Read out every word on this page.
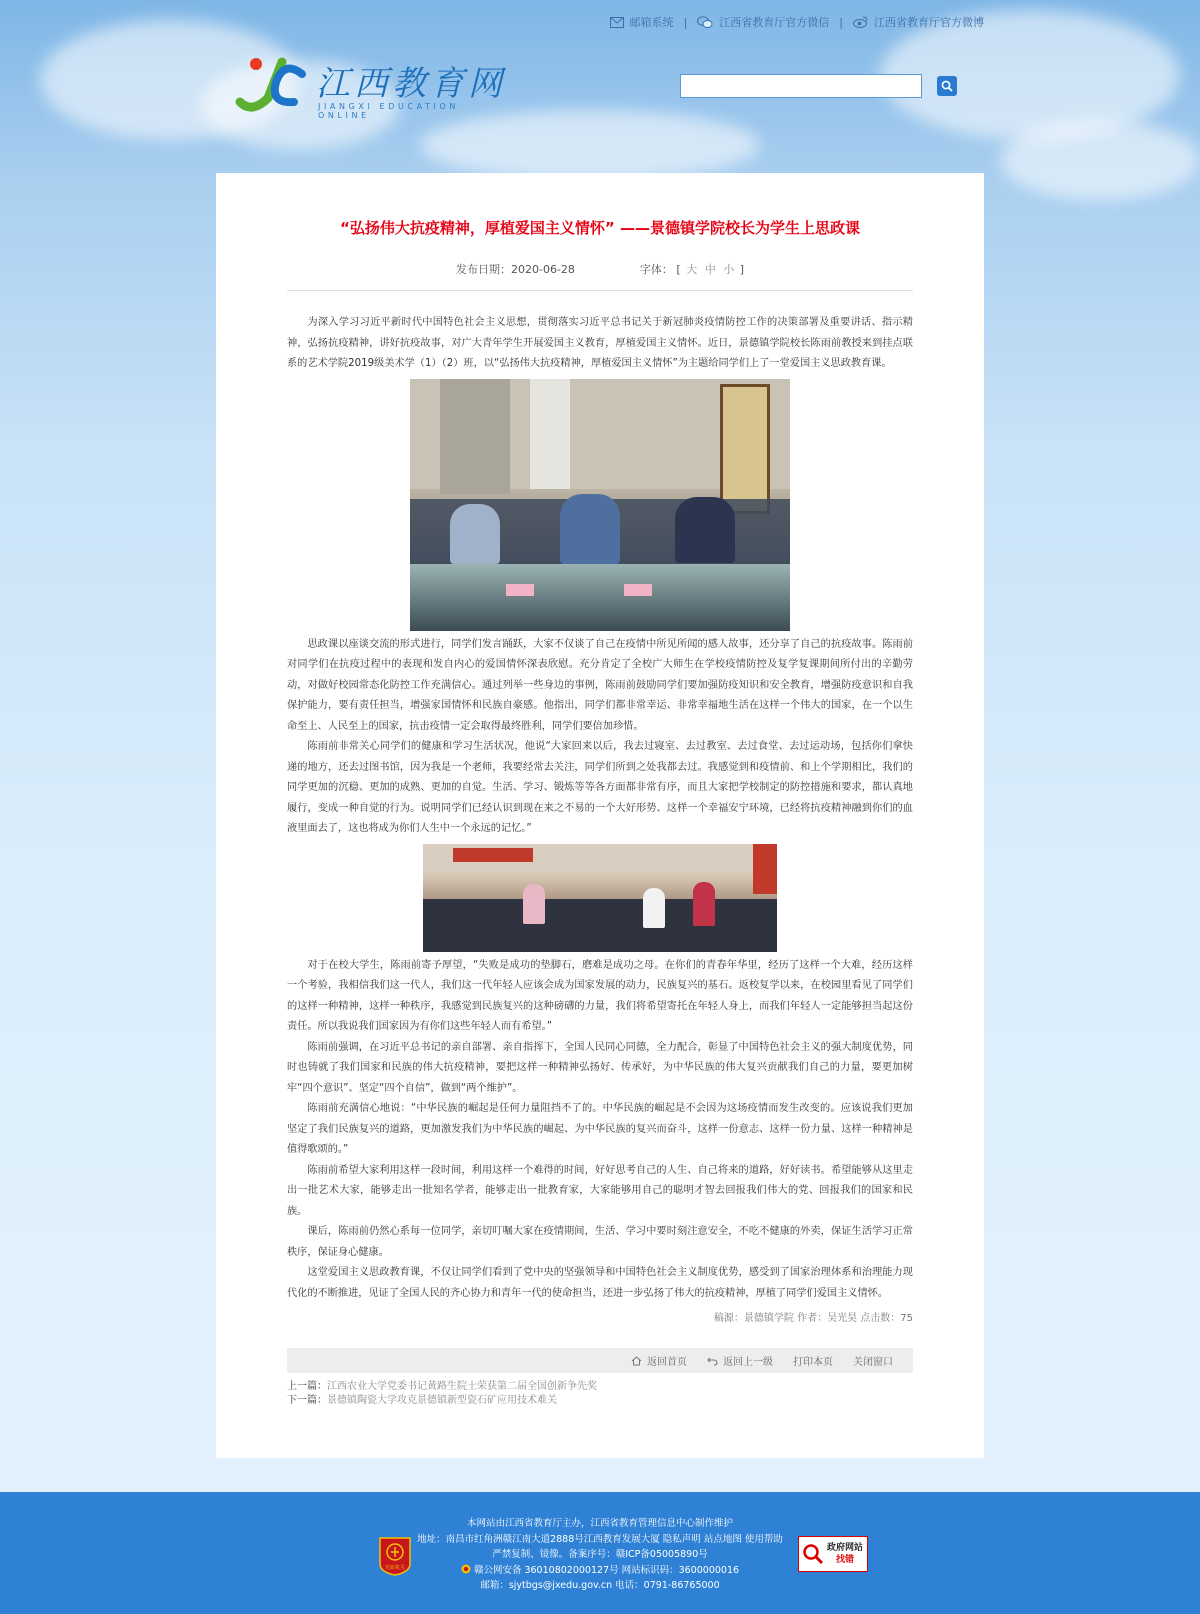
邮箱系统 |	江西省教育厅官方微信 |	江西省教育厅官方微博
江西教育网
JIANGXI EDUCATION ONLINE
“弘扬伟大抗疫精神，厚植爱国主义情怀” ——景德镇学院校长为学生上思政课
发布日期：2020-06-28	字体： [ 大 中 小 ]

为深入学习习近平新时代中国特色社会主义思想，贯彻落实习近平总书记关于新冠肺炎疫情防控工作的决策部署及重要讲话、指示精神，弘扬抗疫精神，讲好抗疫故事，对广大青年学生开展爱国主义教育，厚植爱国主义情怀。近日，景德镇学院校长陈雨前教授来到挂点联系的艺术学院2019级美术学（1）（2）班，以“弘扬伟大抗疫精神，厚植爱国主义情怀”为主题给同学们上了一堂爱国主义思政教育课。

思政课以座谈交流的形式进行，同学们发言踊跃，大家不仅谈了自己在疫情中所见所闻的感人故事，还分享了自己的抗疫故事。陈雨前对同学们在抗疫过程中的表现和发自内心的爱国情怀深表欣慰。充分肯定了全校广大师生在学校疫情防控及复学复课期间所付出的辛勤劳动，对做好校园常态化防控工作充满信心。通过列举一些身边的事例，陈雨前鼓励同学们要加强防疫知识和安全教育，增强防疫意识和自我保护能力，要有责任担当，增强家国情怀和民族自豪感。他指出，同学们都非常幸运、非常幸福地生活在这样一个伟大的国家，在一个以生命至上、人民至上的国家，抗击疫情一定会取得最终胜利，同学们要倍加珍惜。

陈雨前非常关心同学们的健康和学习生活状况，他说“大家回来以后，我去过寝室、去过教室、去过食堂、去过运动场，包括你们拿快递的地方，还去过图书馆，因为我是一个老师，我要经常去关注，同学们所到之处我都去过。我感觉到和疫情前、和上个学期相比，我们的同学更加的沉稳、更加的成熟、更加的自觉。生活、学习、锻炼等等各方面都非常有序，而且大家把学校制定的防控措施和要求，都认真地履行，变成一种自觉的行为。说明同学们已经认识到现在来之不易的一个大好形势、这样一个幸福安宁环境，已经将抗疫精神融到你们的血液里面去了，这也将成为你们人生中一个永远的记忆。”

对于在校大学生，陈雨前寄予厚望，“失败是成功的垫脚石，磨难是成功之母。在你们的青春年华里，经历了这样一个大难，经历这样一个考验，我相信我们这一代人，我们这一代年轻人应该会成为国家发展的动力，民族复兴的基石。返校复学以来，在校园里看见了同学们的这样一种精神，这样一种秩序，我感觉到民族复兴的这种磅礴的力量，我们将希望寄托在年轻人身上，而我们年轻人一定能够担当起这份责任。所以我说我们国家因为有你们这些年轻人而有希望。”

陈雨前强调，在习近平总书记的亲自部署、亲自指挥下，全国人民同心同德，全力配合，彰显了中国特色社会主义的强大制度优势，同时也铸就了我们国家和民族的伟大抗疫精神，要把这样一种精神弘扬好、传承好，为中华民族的伟大复兴贡献我们自己的力量，要更加树牢“四个意识”、坚定“四个自信”，做到“两个维护”。

陈雨前充满信心地说：“中华民族的崛起是任何力量阻挡不了的。中华民族的崛起是不会因为这场疫情而发生改变的。应该说我们更加坚定了我们民族复兴的道路，更加激发我们为中华民族的崛起、为中华民族的复兴而奋斗，这样一份意志、这样一份力量、这样一种精神是值得歌颂的。”

陈雨前希望大家利用这样一段时间，利用这样一个难得的时间，好好思考自己的人生、自己将来的道路，好好读书。希望能够从这里走出一批艺术大家，能够走出一批知名学者，能够走出一批教育家，大家能够用自己的聪明才智去回报我们伟大的党、回报我们的国家和民族。

课后，陈雨前仍然心系每一位同学，亲切叮嘱大家在疫情期间，生活、学习中要时刻注意安全，不吃不健康的外卖，保证生活学习正常秩序，保证身心健康。

这堂爱国主义思政教育课，不仅让同学们看到了党中央的坚强领导和中国特色社会主义制度优势，感受到了国家治理体系和治理能力现代化的不断推进，见证了全国人民的齐心协力和青年一代的使命担当，还进一步弘扬了伟大的抗疫精神，厚植了同学们爱国主义情怀。

稿源：景德镇学院 作者：吴光昊 点击数：75
返回首页	返回上一级 打印本页 关闭窗口
上一篇：江西农业大学党委书记黄路生院士荣获第二届全国创新争先奖
下一篇：景德镇陶瓷大学攻克景德镇新型瓷石矿应用技术难关
党政机关
本网站由江西省教育厅主办，江西省教育管理信息中心制作维护
地址：南昌市红角洲赣江南大道2888号江西教育发展大厦 隐私声明 站点地图 使用帮助
严禁复制、镜像。备案序号：赣ICP备05005890号
赣公网安备 36010802000127号 网站标识码：3600000016
邮箱：sjytbgs@jxedu.gov.cn 电话：0791-86765000
政府网站
找错
